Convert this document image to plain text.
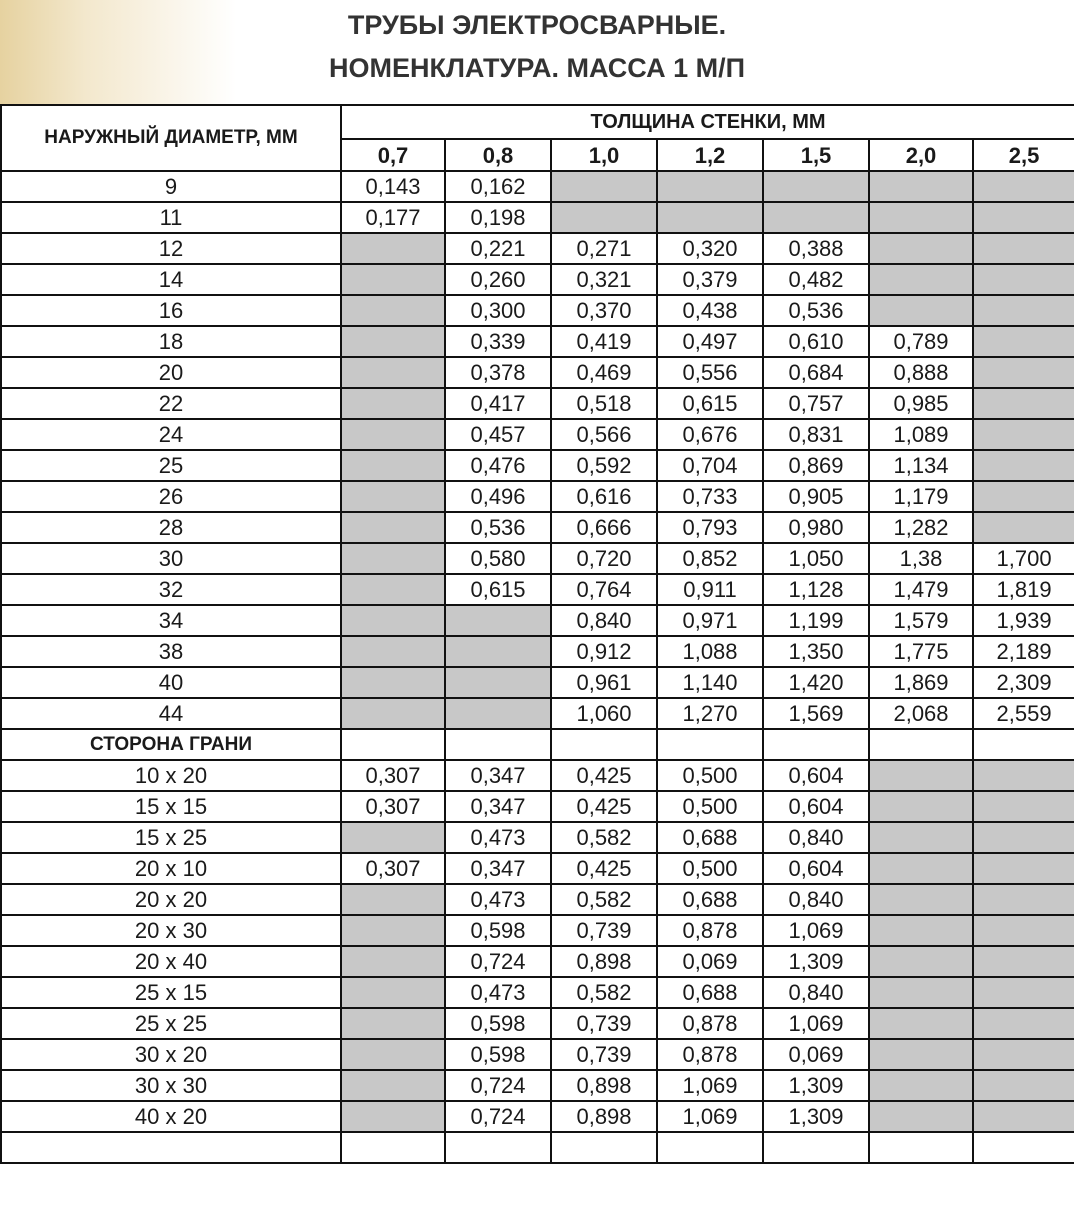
ТРУБЫ ЭЛЕКТРОСВАРНЫЕ.
НОМЕНКЛАТУРА. МАССА 1 М/П
НАРУЖНЫЙ ДИАМЕТР, ММ	ТОЛЩИНА СТЕНКИ, ММ						
	0,7	0,8	1,0	1,2	1,5	2,0	2,5
9	0,143	0,162					
11	0,177	0,198					
12		0,221	0,271	0,320	0,388		
14		0,260	0,321	0,379	0,482		
16		0,300	0,370	0,438	0,536		
18		0,339	0,419	0,497	0,610	0,789	
20		0,378	0,469	0,556	0,684	0,888	
22		0,417	0,518	0,615	0,757	0,985	
24		0,457	0,566	0,676	0,831	1,089	
25		0,476	0,592	0,704	0,869	1,134	
26		0,496	0,616	0,733	0,905	1,179	
28		0,536	0,666	0,793	0,980	1,282	
30		0,580	0,720	0,852	1,050	1,38	1,700
32		0,615	0,764	0,911	1,128	1,479	1,819
34			0,840	0,971	1,199	1,579	1,939
38			0,912	1,088	1,350	1,775	2,189
40			0,961	1,140	1,420	1,869	2,309
44			1,060	1,270	1,569	2,068	2,559
СТОРОНА ГРАНИ							
10 x 20	0,307	0,347	0,425	0,500	0,604		
15 x 15	0,307	0,347	0,425	0,500	0,604		
15 x 25		0,473	0,582	0,688	0,840		
20 x 10	0,307	0,347	0,425	0,500	0,604		
20 x 20		0,473	0,582	0,688	0,840		
20 x 30		0,598	0,739	0,878	1,069		
20 x 40		0,724	0,898	0,069	1,309		
25 x 15		0,473	0,582	0,688	0,840		
25 x 25		0,598	0,739	0,878	1,069		
30 x 20		0,598	0,739	0,878	0,069		
30 x 30		0,724	0,898	1,069	1,309		
40 x 20		0,724	0,898	1,069	1,309		
